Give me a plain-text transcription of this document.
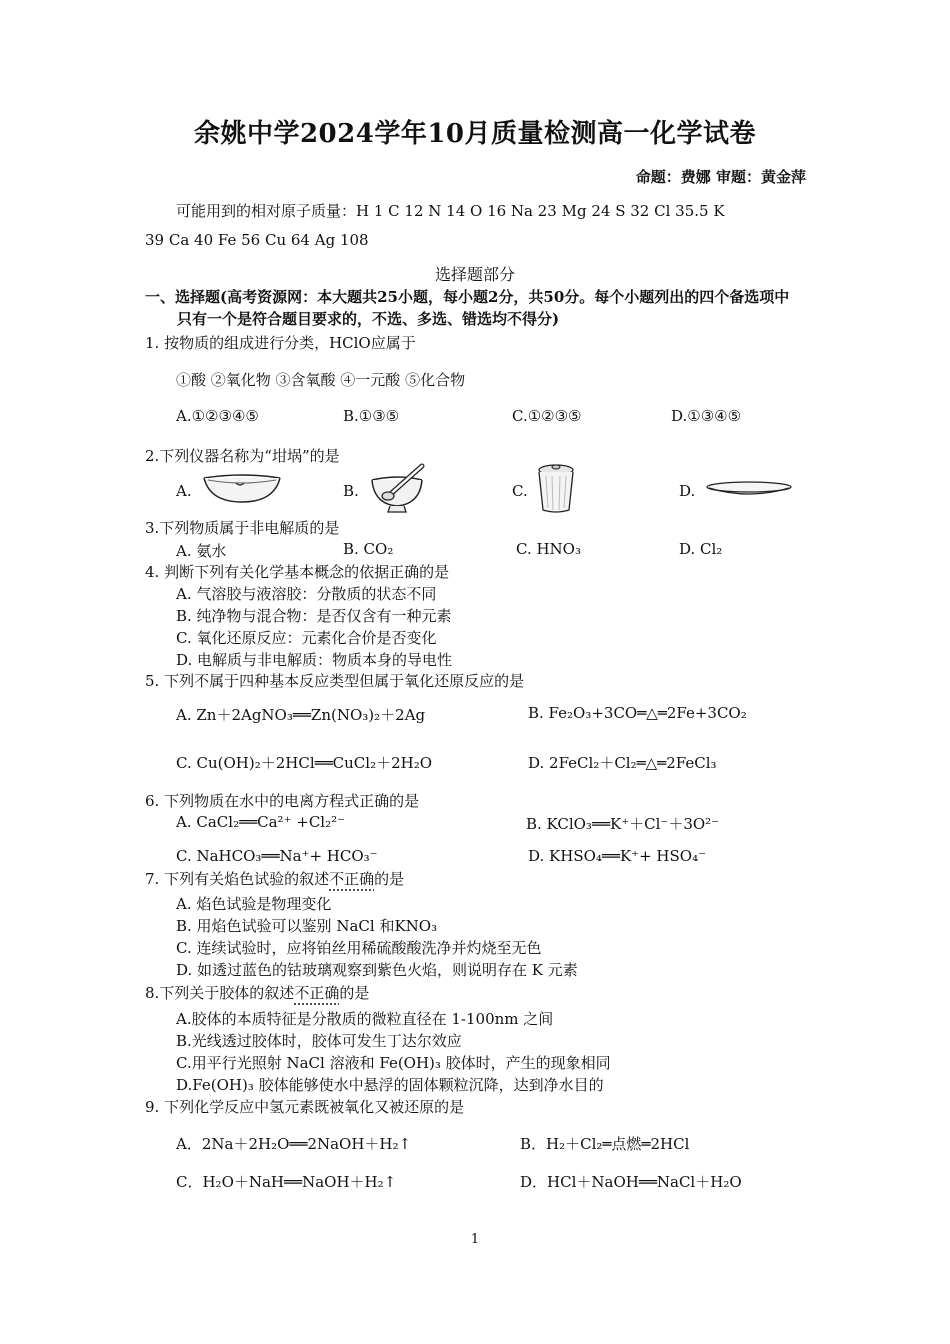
余姚中学2024学年10月质量检测高一化学试卷
命题：费娜 审题：黄金萍
可能用到的相对原子质量：H 1 C 12 N 14 O 16 Na 23 Mg 24 S 32 Cl 35.5 K
39 Ca 40 Fe 56 Cu 64 Ag 108
选择题部分
一、选择题(高考资源网：本大题共25小题，每小题2分，共50分。每个小题列出的四个备选项中
只有一个是符合题目要求的，不选、多选、错选均不得分)
1. 按物质的组成进行分类，HClO应属于
①酸 ②氧化物 ③含氧酸 ④一元酸 ⑤化合物
A.①②③④⑤	B.①③⑤	C.①②③⑤	D.①③④⑤
2.下列仪器名称为“坩埚”的是
A.	B.	C.	D.
3.下列物质属于非电解质的是
A. 氨水	B. CO₂	C. HNO₃	D. Cl₂
4. 判断下列有关化学基本概念的依据正确的是
A. 气溶胶与液溶胶：分散质的状态不同
B. 纯净物与混合物：是否仅含有一种元素
C. 氧化还原反应：元素化合价是否变化
D. 电解质与非电解质：物质本身的导电性
5. 下列不属于四种基本反应类型但属于氧化还原反应的是
A. Zn＋2AgNO₃══Zn(NO₃)₂＋2Ag	B. Fe₂O₃+3CO═△═2Fe+3CO₂
C. Cu(OH)₂＋2HCl══CuCl₂＋2H₂O	D. 2FeCl₂＋Cl₂═△═2FeCl₃
6. 下列物质在水中的电离方程式正确的是
A. CaCl₂══Ca²⁺ +Cl₂²⁻	B. KClO₃══K⁺＋Cl⁻＋3O²⁻
C. NaHCO₃══Na⁺+ HCO₃⁻	D. KHSO₄══K⁺+ HSO₄⁻
7. 下列有关焰色试验的叙述不正确的是
A. 焰色试验是物理变化
B. 用焰色试验可以鉴别 NaCl 和KNO₃
C. 连续试验时，应将铂丝用稀硫酸酸洗净并灼烧至无色
D. 如透过蓝色的钴玻璃观察到紫色火焰，则说明存在 K 元素
8.下列关于胶体的叙述不正确的是
A.胶体的本质特征是分散质的微粒直径在 1-100nm 之间
B.光线透过胶体时，胶体可发生丁达尔效应
C.用平行光照射 NaCl 溶液和 Fe(OH)₃ 胶体时，产生的现象相同
D.Fe(OH)₃ 胶体能够使水中悬浮的固体颗粒沉降，达到净水目的
9. 下列化学反应中氢元素既被氧化又被还原的是
A．2Na＋2H₂O══2NaOH＋H₂↑	B．H₂＋Cl₂═点燃═2HCl
C．H₂O＋NaH══NaOH＋H₂↑	D．HCl＋NaOH══NaCl＋H₂O
1
